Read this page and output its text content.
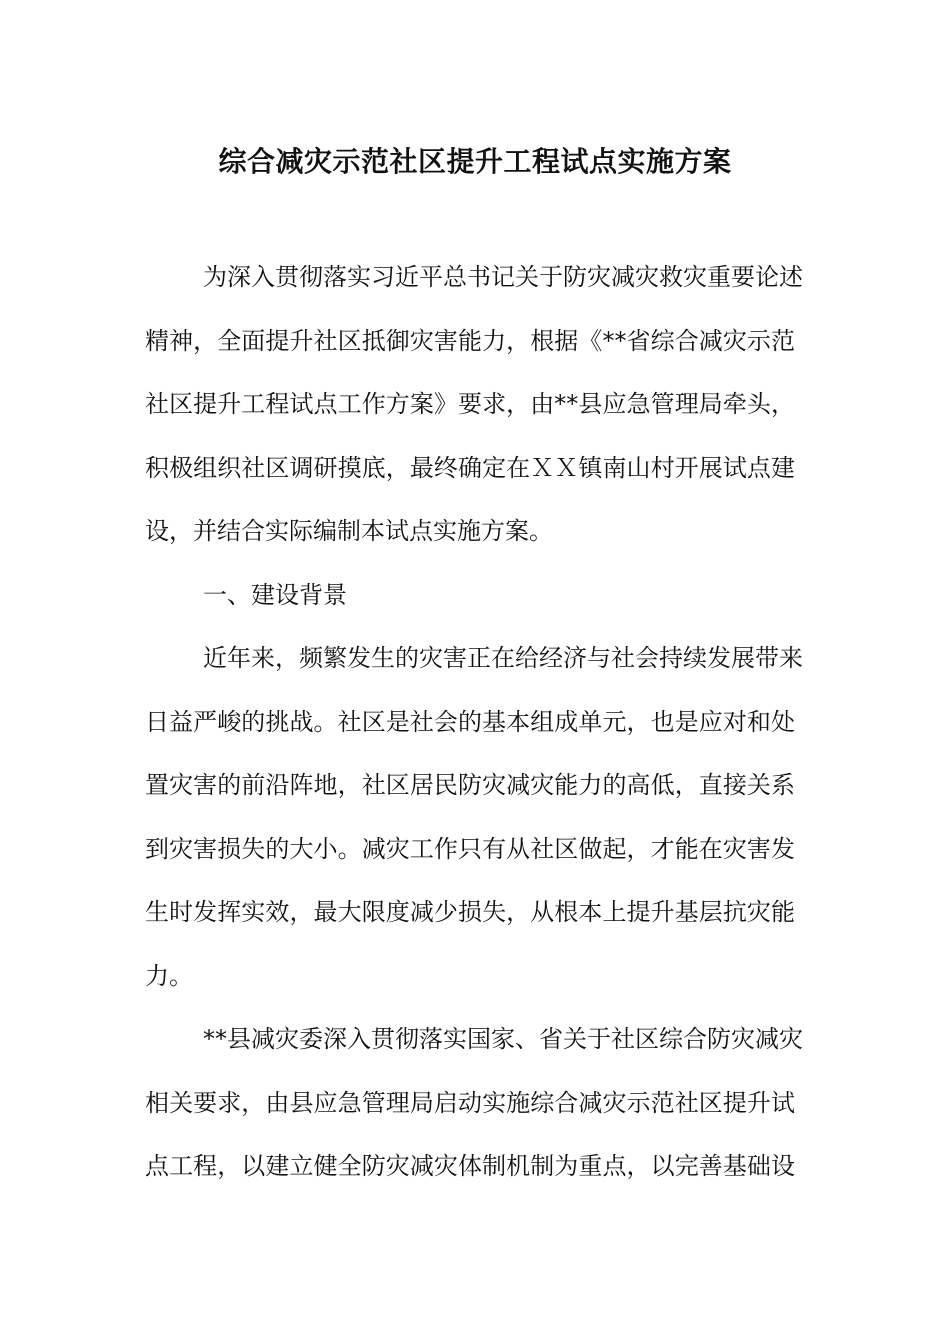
综合减灾示范社区提升工程试点实施方案
为深入贯彻落实习近平总书记关于防灾减灾救灾重要论述
精神，全面提升社区抵御灾害能力，根据《**省综合减灾示范
社区提升工程试点工作方案》要求，由**县应急管理局牵头，
积极组织社区调研摸底，最终确定在ＸＸ镇南山村开展试点建
设，并结合实际编制本试点实施方案。
一、建设背景
近年来，频繁发生的灾害正在给经济与社会持续发展带来
日益严峻的挑战。社区是社会的基本组成单元，也是应对和处
置灾害的前沿阵地，社区居民防灾减灾能力的高低，直接关系
到灾害损失的大小。减灾工作只有从社区做起，才能在灾害发
生时发挥实效，最大限度减少损失，从根本上提升基层抗灾能
力。
**县减灾委深入贯彻落实国家、省关于社区综合防灾减灾
相关要求，由县应急管理局启动实施综合减灾示范社区提升试
点工程，以建立健全防灾减灾体制机制为重点，以完善基础设
